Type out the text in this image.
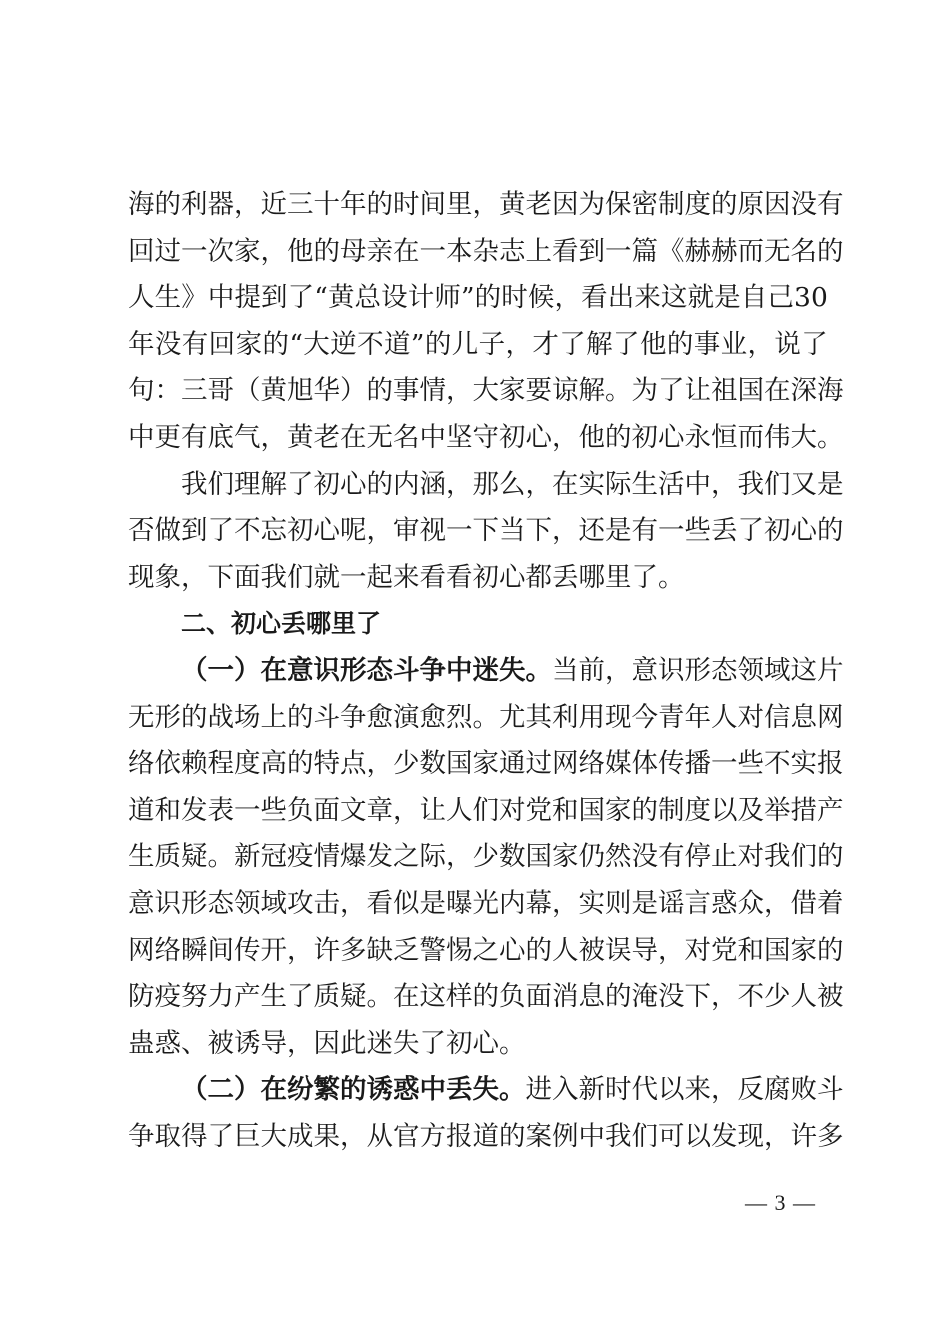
海 的 利 器 ， 近 三 十 年 的 时 间 里 ， 黄 老 因 为 保 密 制 度 的 原 因 没 有
回 过 一 次 家 ， 他 的 母 亲 在 一 本 杂 志 上 看 到 一 篇 《 赫 赫 而 无 名 的
人 生 》 中 提 到 了 “ 黄 总 设 计 师 ” 的 时 候 ， 看 出 来 这 就 是 自 己 3 0
年 没 有 回 家 的 “ 大 逆 不 道 ” 的 儿 子 ， 才 了 解 了 他 的 事 业 ， 说 了
句 ： 三 哥 （ 黄 旭 华 ） 的 事 情 ， 大 家 要 谅 解 。 为 了 让 祖 国 在 深 海
中更有底气，黄老在无名中坚守初心，他的初心永恒而伟大。
我 们 理 解 了 初 心 的 内 涵 ， 那 么 ， 在 实 际 生 活 中 ， 我 们 又 是
否 做 到 了 不 忘 初 心 呢 ， 审 视 一 下 当 下 ， 还 是 有 一 些 丢 了 初 心 的
现象，下面我们就一起来看看初心都丢哪里了。
二、初心丢哪里了
（一）在意识形态斗争中迷失。 当前，意识形态领域这片
无 形 的 战 场 上 的 斗 争 愈 演 愈 烈 。 尤 其 利 用 现 今 青 年 人 对 信 息 网
络 依 赖 程 度 高 的 特 点 ， 少 数 国 家 通 过 网 络 媒 体 传 播 一 些 不 实 报
道 和 发 表 一 些 负 面 文 章 ， 让 人 们 对 党 和 国 家 的 制 度 以 及 举 措 产
生 质 疑 。 新 冠 疫 情 爆 发 之 际 ， 少 数 国 家 仍 然 没 有 停 止 对 我 们 的
意 识 形 态 领 域 攻 击 ， 看 似 是 曝 光 内 幕 ， 实 则 是 谣 言 惑 众 ， 借 着
网 络 瞬 间 传 开 ， 许 多 缺 乏 警 惕 之 心 的 人 被 误 导 ， 对 党 和 国 家 的
防 疫 努 力 产 生 了 质 疑 。 在 这 样 的 负 面 消 息 的 淹 没 下 ， 不 少 人 被
蛊惑、被诱导，因此迷失了初心。
（二）在纷繁的诱惑中丢失。 进入新时代以来，反腐败斗
争 取 得 了 巨 大 成 果 ， 从 官 方 报 道 的 案 例 中 我 们 可 以 发 现 ， 许 多
— 3 —
